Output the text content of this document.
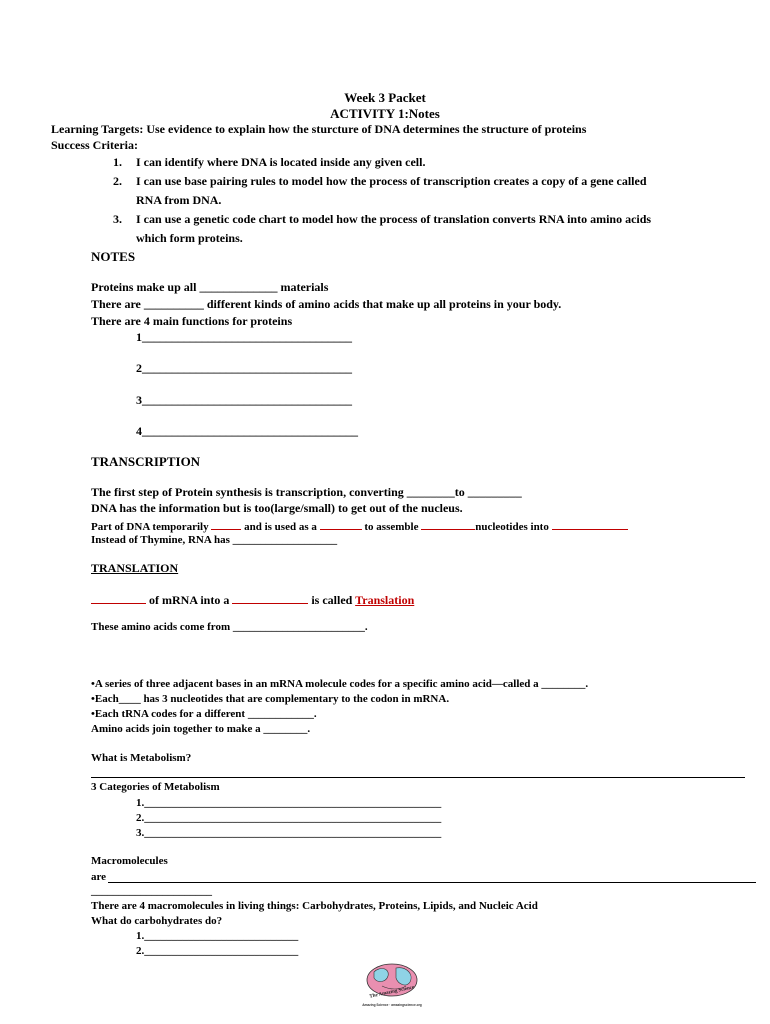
Week 3 Packet
ACTIVITY 1:Notes
Learning Targets: Use evidence to explain how the sturcture of DNA determines the structure of proteins
Success Criteria:
1. I can identify where DNA is located inside any given cell.
2. I can use base pairing rules to model how the process of transcription creates a copy of a gene called
RNA from DNA.
3. I can use a genetic code chart to model how the process of translation converts RNA into amino acids
which form proteins.
NOTES
Proteins make up all _____________ materials
There are __________ different kinds of amino acids that make up all proteins in your body.
There are 4 main functions for proteins
1___________________________________
2___________________________________
3___________________________________
4____________________________________
TRANSCRIPTION
The first step of Protein synthesis is transcription, converting ________to _________
DNA has the information but is too(large/small) to get out of the nucleus.
Part of DNA temporarily	and is used as a	to assemble	nucleotides into
Instead of Thymine, RNA has ___________________
TRANSLATION
of mRNA into a	is called Translation
These amino acids come from ________________________.
•A series of three adjacent bases in an mRNA molecule codes for a specific amino acid—called a ________.
•Each____ has 3 nucleotides that are complementary to the codon in mRNA.
•Each tRNA codes for a different ____________.
Amino acids join together to make a ________.
What is Metabolism?
3 Categories of Metabolism
1.______________________________________________________
2.______________________________________________________
3.______________________________________________________
Macromolecules
are
______________________
There are 4 macromolecules in living things: Carbohydrates, Proteins, Lipids, and Nucleic Acid
What do carbohydrates do?
1.____________________________
2.____________________________
The Amazing Science
Amazing Science · amazingscience.org
